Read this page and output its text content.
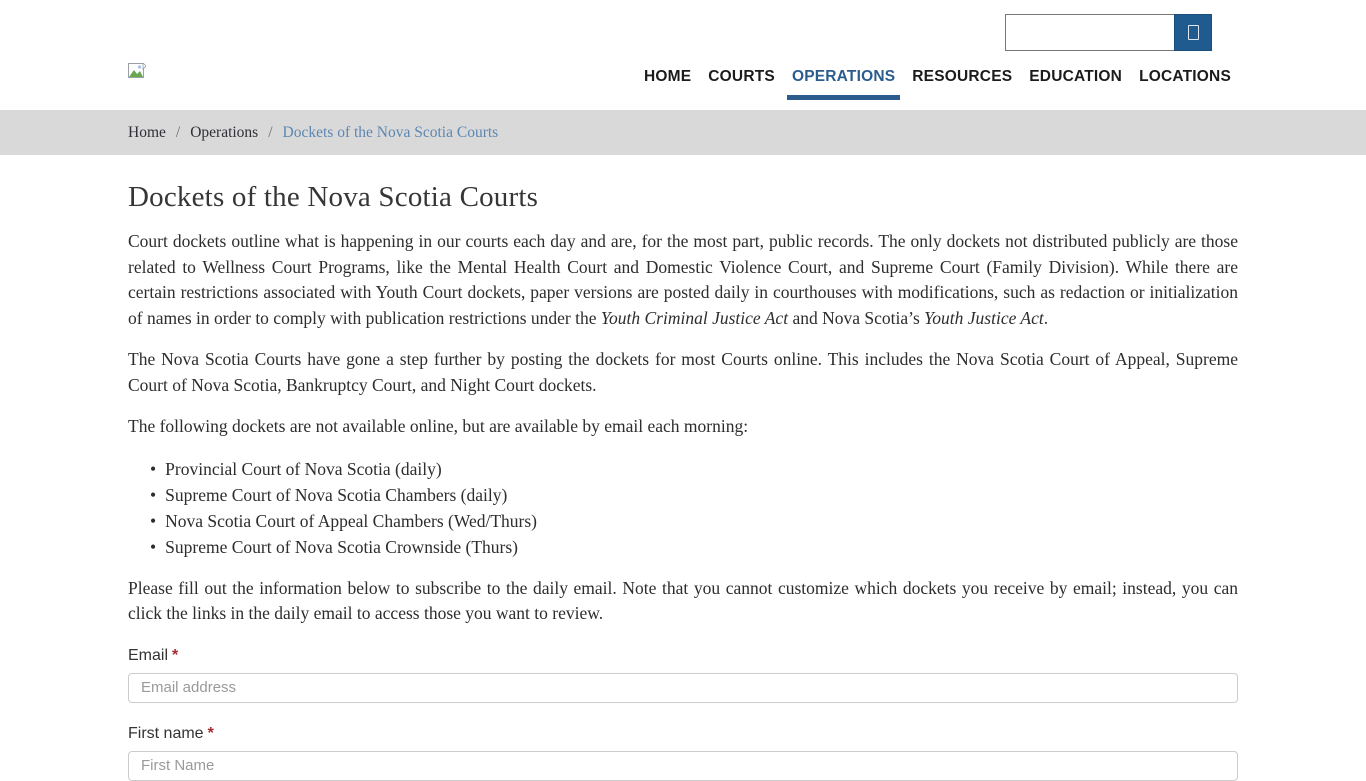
HOME COURTS OPERATIONS RESOURCES EDUCATION LOCATIONS
Home / Operations / Dockets of the Nova Scotia Courts
Dockets of the Nova Scotia Courts

Court dockets outline what is happening in our courts each day and are, for the most part, public records. The only dockets not distributed publicly are those related to Wellness Court Programs, like the Mental Health Court and Domestic Violence Court, and Supreme Court (Family Division). While there are certain restrictions associated with Youth Court dockets, paper versions are posted daily in courthouses with modifications, such as redaction or initialization of names in order to comply with publication restrictions under the Youth Criminal Justice Act and Nova Scotia’s Youth Justice Act.

The Nova Scotia Courts have gone a step further by posting the dockets for most Courts online. This includes the Nova Scotia Court of Appeal, Supreme Court of Nova Scotia, Bankruptcy Court, and Night Court dockets.

The following dockets are not available online, but are available by email each morning:

• Provincial Court of Nova Scotia (daily)
• Supreme Court of Nova Scotia Chambers (daily)
• Nova Scotia Court of Appeal Chambers (Wed/Thurs)
• Supreme Court of Nova Scotia Crownside (Thurs)

Please fill out the information below to subscribe to the daily email. Note that you cannot customize which dockets you receive by email; instead, you can click the links in the daily email to access those you want to review.

Email *
Email address
First name *
First Name
